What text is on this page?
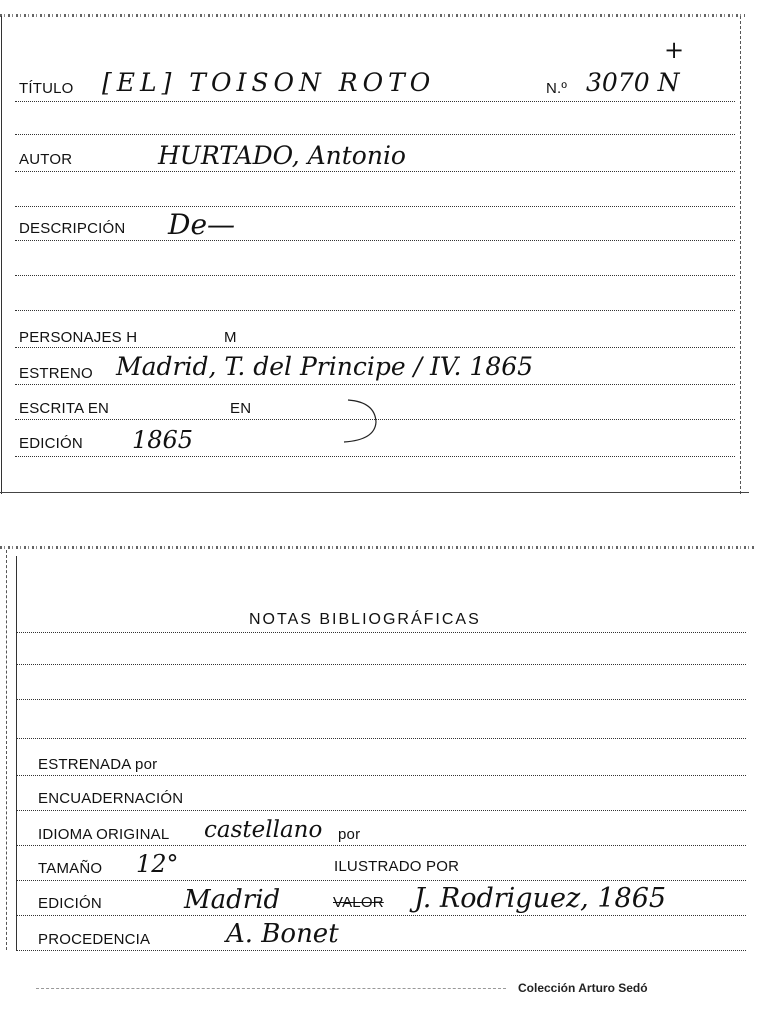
TÍTULO [EL] TOISON ROTO	N.º 3070 N
+
AUTOR	HURTADO, Antonio
DESCRIPCIÓN De—
PERSONAJES H	M
ESTRENO Madrid, T. del Principe / IV. 1865
ESCRITA EN	EN
EDICIÓN 1865
NOTAS BIBLIOGRÁFICAS
ESTRENADA por
ENCUADERNACIÓN
IDIOMA ORIGINAL castellano por
TAMAÑO 12°	ILUSTRADO POR
EDICIÓN	Madrid	VALOR J. Rodriguez, 1865
PROCEDENCIA	A. Bonet
Colección Arturo Sedó
